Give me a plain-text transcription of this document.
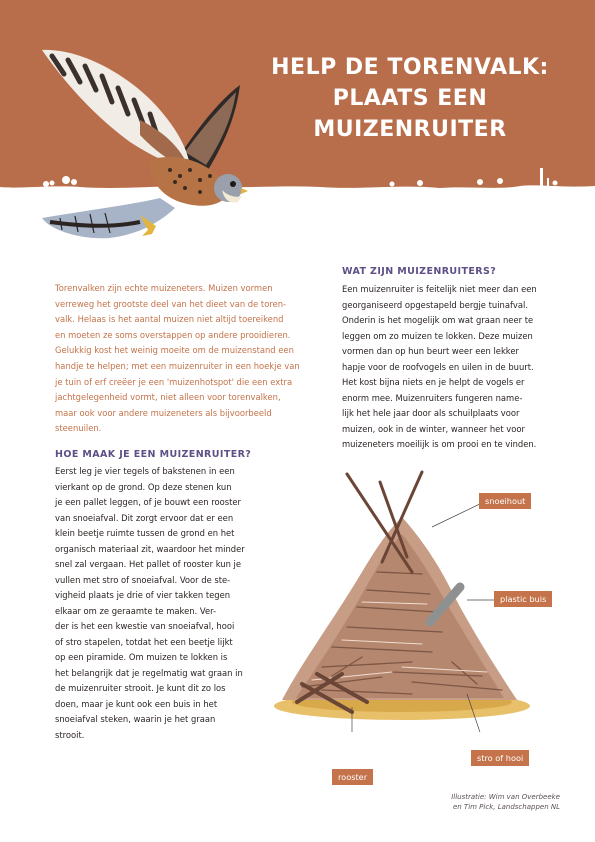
HELP DE TORENVALK:
PLAATS EEN
MUIZENRUITER

Torenvalken zijn echte muizeneters. Muizen vormen
verreweg het grootste deel van het dieet van de toren-
valk. Helaas is het aantal muizen niet altijd toereikend
en moeten ze soms overstappen op andere prooidieren.
Gelukkig kost het weinig moeite om de muizenstand een
handje te helpen; met een muizenruiter in een hoekje van
je tuin of erf creëer je een 'muizenhotspot' die een extra
jachtgelegenheid vormt, niet alleen voor torenvalken,
maar ook voor andere muizeneters als bijvoorbeeld
steenuilen.

WAT ZIJN MUIZENRUITERS?

Een muizenruiter is feitelijk niet meer dan een
georganiseerd opgestapeld bergje tuinafval.
Onderin is het mogelijk om wat graan neer te
leggen om zo muizen te lokken. Deze muizen
vormen dan op hun beurt weer een lekker
hapje voor de roofvogels en uilen in de buurt.
Het kost bijna niets en je helpt de vogels er
enorm mee. Muizenruiters fungeren name-
lijk het hele jaar door als schuilplaats voor
muizen, ook in de winter, wanneer het voor
muizeneters moeilijk is om prooi en te vinden.

HOE MAAK JE EEN MUIZENRUITER?

Eerst leg je vier tegels of bakstenen in een
vierkant op de grond. Op deze stenen kun
je een pallet leggen, of je bouwt een rooster
van snoeiafval. Dit zorgt ervoor dat er een
klein beetje ruimte tussen de grond en het
organisch materiaal zit, waardoor het minder
snel zal vergaan. Het pallet of rooster kun je
vullen met stro of snoeiafval. Voor de ste-
vigheid plaats je drie of vier takken tegen
elkaar om ze geraamte te maken. Ver-
der is het een kwestie van snoeiafval, hooi
of stro stapelen, totdat het een beetje lijkt
op een piramide. Om muizen te lokken is
het belangrijk dat je regelmatig wat graan in
de muizenruiter strooit. Je kunt dit zo los
doen, maar je kunt ook een buis in het
snoeiafval steken, waarin je het graan
strooit.

snoeihout
plastic buis
stro of hooi
rooster
Illustratie: Wim van Overbeeke
en Tim Pick, Landschappen NL
